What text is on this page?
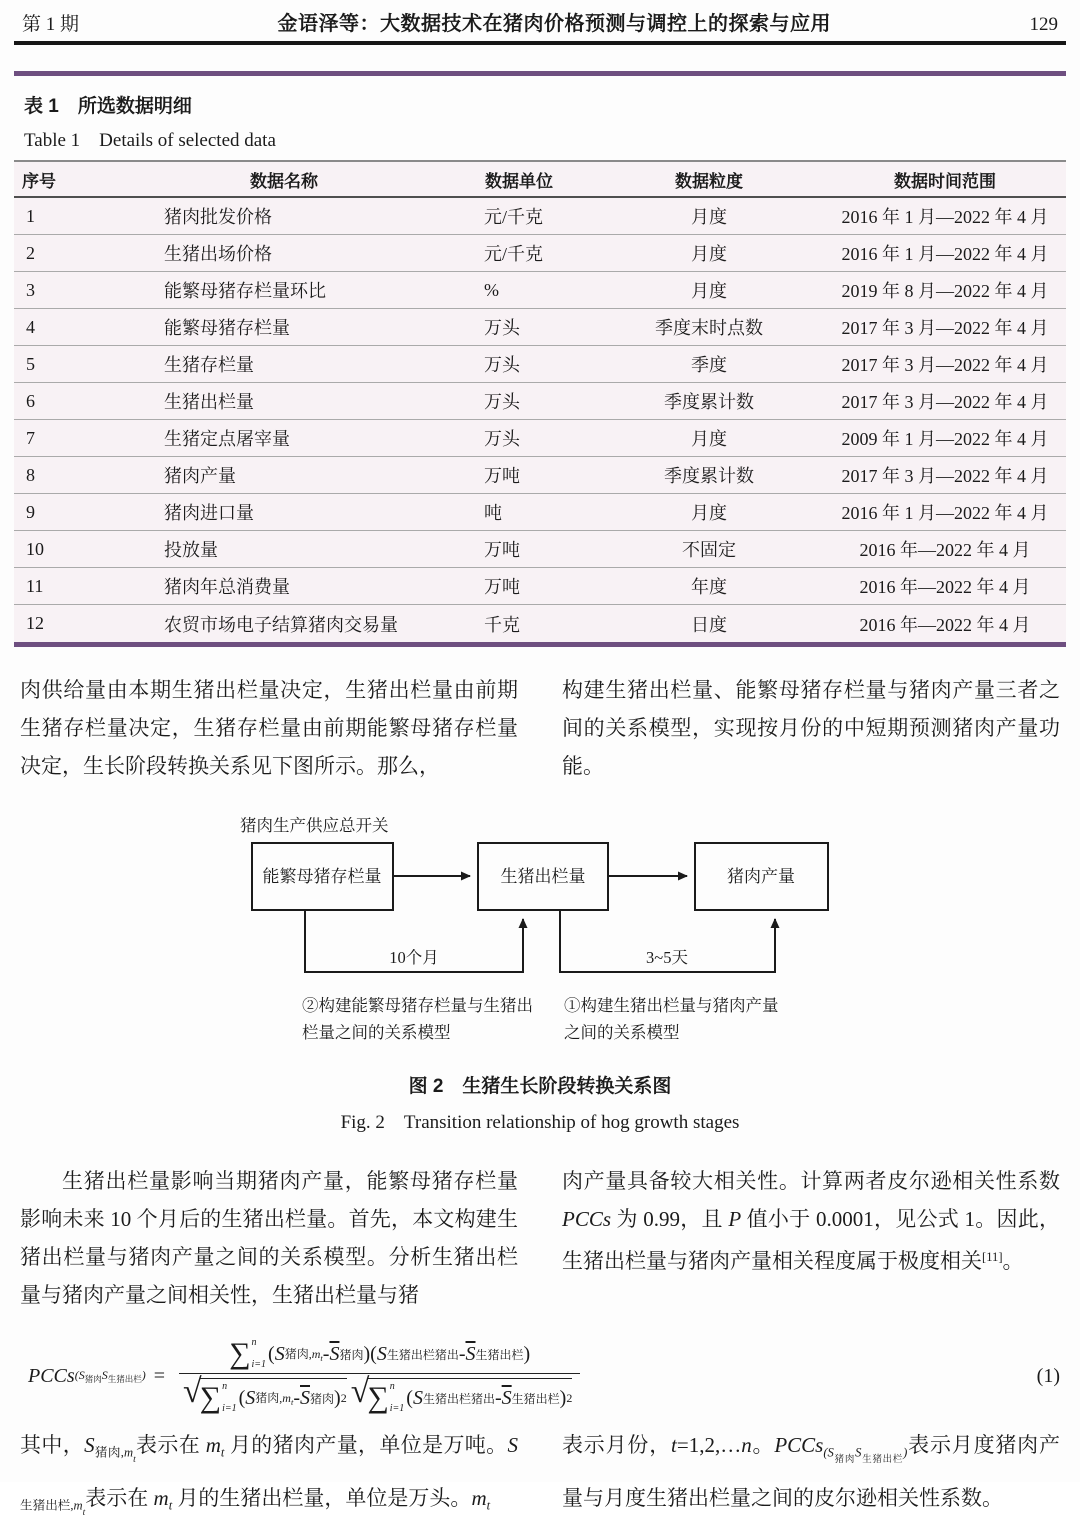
第 1 期	金语泽等：大数据技术在猪肉价格预测与调控上的探索与应用	129
表 1　所选数据明细
Table 1　Details of selected data
序号	数据名称	数据单位	数据粒度	数据时间范围
1	猪肉批发价格	元/千克	月度	2016 年 1 月—2022 年 4 月
2	生猪出场价格	元/千克	月度	2016 年 1 月—2022 年 4 月
3	能繁母猪存栏量环比	%	月度	2019 年 8 月—2022 年 4 月
4	能繁母猪存栏量	万头	季度末时点数	2017 年 3 月—2022 年 4 月
5	生猪存栏量	万头	季度	2017 年 3 月—2022 年 4 月
6	生猪出栏量	万头	季度累计数	2017 年 3 月—2022 年 4 月
7	生猪定点屠宰量	万头	月度	2009 年 1 月—2022 年 4 月
8	猪肉产量	万吨	季度累计数	2017 年 3 月—2022 年 4 月
9	猪肉进口量	吨	月度	2016 年 1 月—2022 年 4 月
10	投放量	万吨	不固定	2016 年—2022 年 4 月
11	猪肉年总消费量	万吨	年度	2016 年—2022 年 4 月
12	农贸市场电子结算猪肉交易量	千克	日度	2016 年—2022 年 4 月

肉供给量由本期生猪出栏量决定，生猪出栏量由前期生猪存栏量决定，生猪存栏量由前期能繁母猪存栏量决定，生长阶段转换关系见下图所示。那么，

构建生猪出栏量、能繁母猪存栏量与猪肉产量三者之间的关系模型，实现按月份的中短期预测猪肉产量功能。

猪肉生产供应总开关
能繁母猪存栏量	生猪出栏量	猪肉产量
10个月	3~5天
②构建能繁母猪存栏量与生猪出
栏量之间的关系模型
①构建生猪出栏量与猪肉产量
之间的关系模型
图 2　生猪生长阶段转换关系图
Fig. 2　Transition relationship of hog growth stages

生猪出栏量影响当期猪肉产量，能繁母猪存栏量影响未来 10 个月后的生猪出栏量。首先，本文构建生猪出栏量与猪肉产量之间的关系模型。分析生猪出栏量与猪肉产量之间相关性，生猪出栏量与猪

肉产量具备较大相关性。计算两者皮尔逊相关性系数 PCCs 为 0.99，且 P 值小于 0.0001，见公式 1。因此，生猪出栏量与猪肉产量相关程度属于极度相关[11]。

PCCs $(S_{猪肉}S_{生猪出栏})$ =
∑ n
i=1 ( S 猪肉$,m_t - \overline{S}$ 猪肉 ) ( S 生猪出栏猪出 - $\overline{S}$ 生猪出栏 )
√
∑ n
i=1 ( S 猪肉$,m_t - \overline{S}$ 猪肉 ) 2 √
∑ n
i=1 ( S 生猪出栏猪出 - $\overline{S}$ 生猪出栏 ) 2
(1)

其中，$S_{猪肉,mt}$表示在 $m_t$ 月的猪肉产量，单位是万吨。$S_{生猪出栏,mt}$表示在 $m_t$ 月的生猪出栏量，单位是万头。$m_t$

表示月份，t=1,2,…n。PCCs$_{(S猪肉S生猪出栏)}$表示月度猪肉产量与月度生猪出栏量之间的皮尔逊相关性系数。
